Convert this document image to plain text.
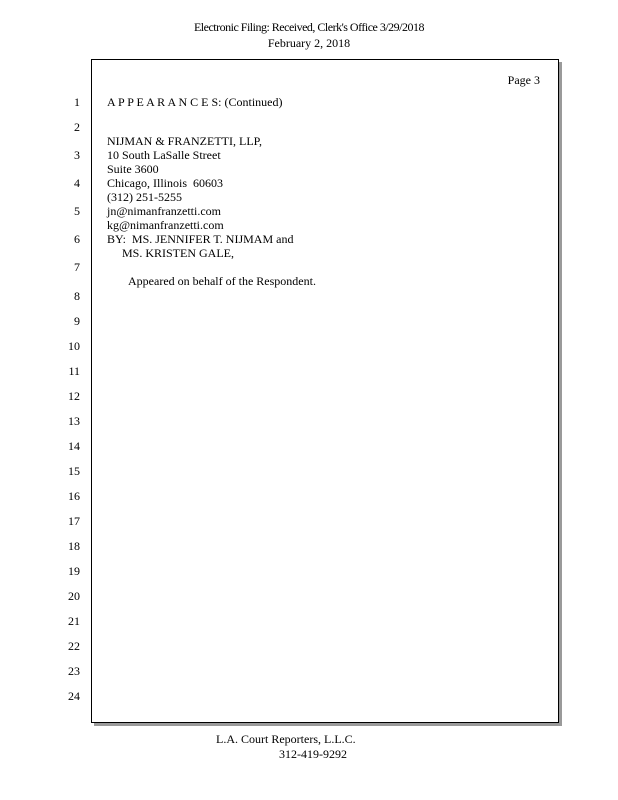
Electronic Filing: Received, Clerk's Office 3/29/2018
February 2, 2018
Page 3
1
2
3
4
5
6
7
8
9
10
11
12
13
14
15
16
17
18
19
20
21
22
23
24
A P P E A R A N C E S: (Continued)
NIJMAN & FRANZETTI, LLP,
10 South LaSalle Street
Suite 3600
Chicago, Illinois  60603
(312) 251-5255
jn@nimanfranzetti.com
kg@nimanfranzetti.com
BY:  MS. JENNIFER T. NIJMAM and
MS. KRISTEN GALE,
Appeared on behalf of the Respondent.
L.A. Court Reporters, L.L.C.
312-419-9292
